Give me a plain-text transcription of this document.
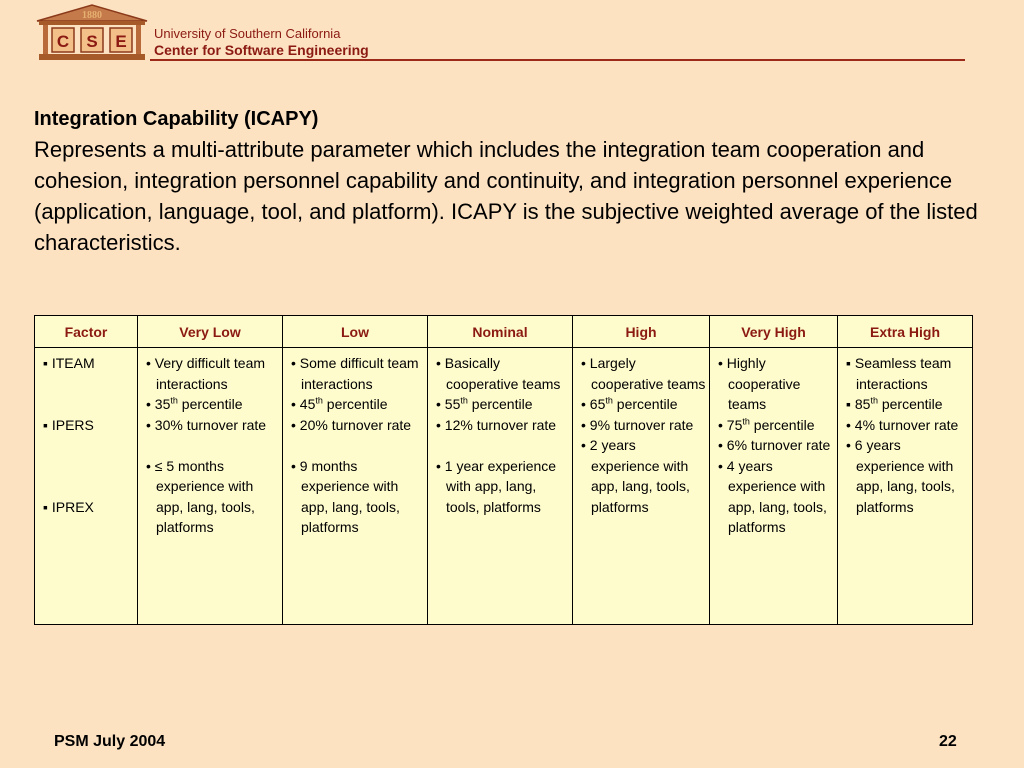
1880
C S E University of Southern California
Center for Software Engineering
Integration Capability (ICAPY)
Represents a multi-attribute parameter which includes the integration team cooperation and cohesion, integration personnel capability and continuity, and integration personnel experience (application, language, tool, and platform). ICAPY is the subjective weighted average of the listed characteristics.
Factor	Very Low	Low	Nominal	High	Very High	Extra High

▪ ITEAM
▪ IPERS
▪ IPREX	• Very difficult team interactions
• 35th percentile
• 30% turnover rate
• ≤ 5 months experience with app, lang, tools, platforms	• Some difficult team interactions
• 45th percentile
• 20% turnover rate
• 9 months experience with app, lang, tools, platforms	• Basically cooperative teams
• 55th percentile
• 12% turnover rate
• 1 year experience with app, lang, tools, platforms	• Largely cooperative teams
• 65th percentile
• 9% turnover rate
• 2 years experience with app, lang, tools, platforms	• Highly cooperative teams
• 75th percentile
• 6% turnover rate
• 4 years experience with app, lang, tools, platforms	▪ Seamless team interactions
▪ 85th percentile
• 4% turnover rate
• 6 years experience with app, lang, tools, platforms
PSM July 2004	22
